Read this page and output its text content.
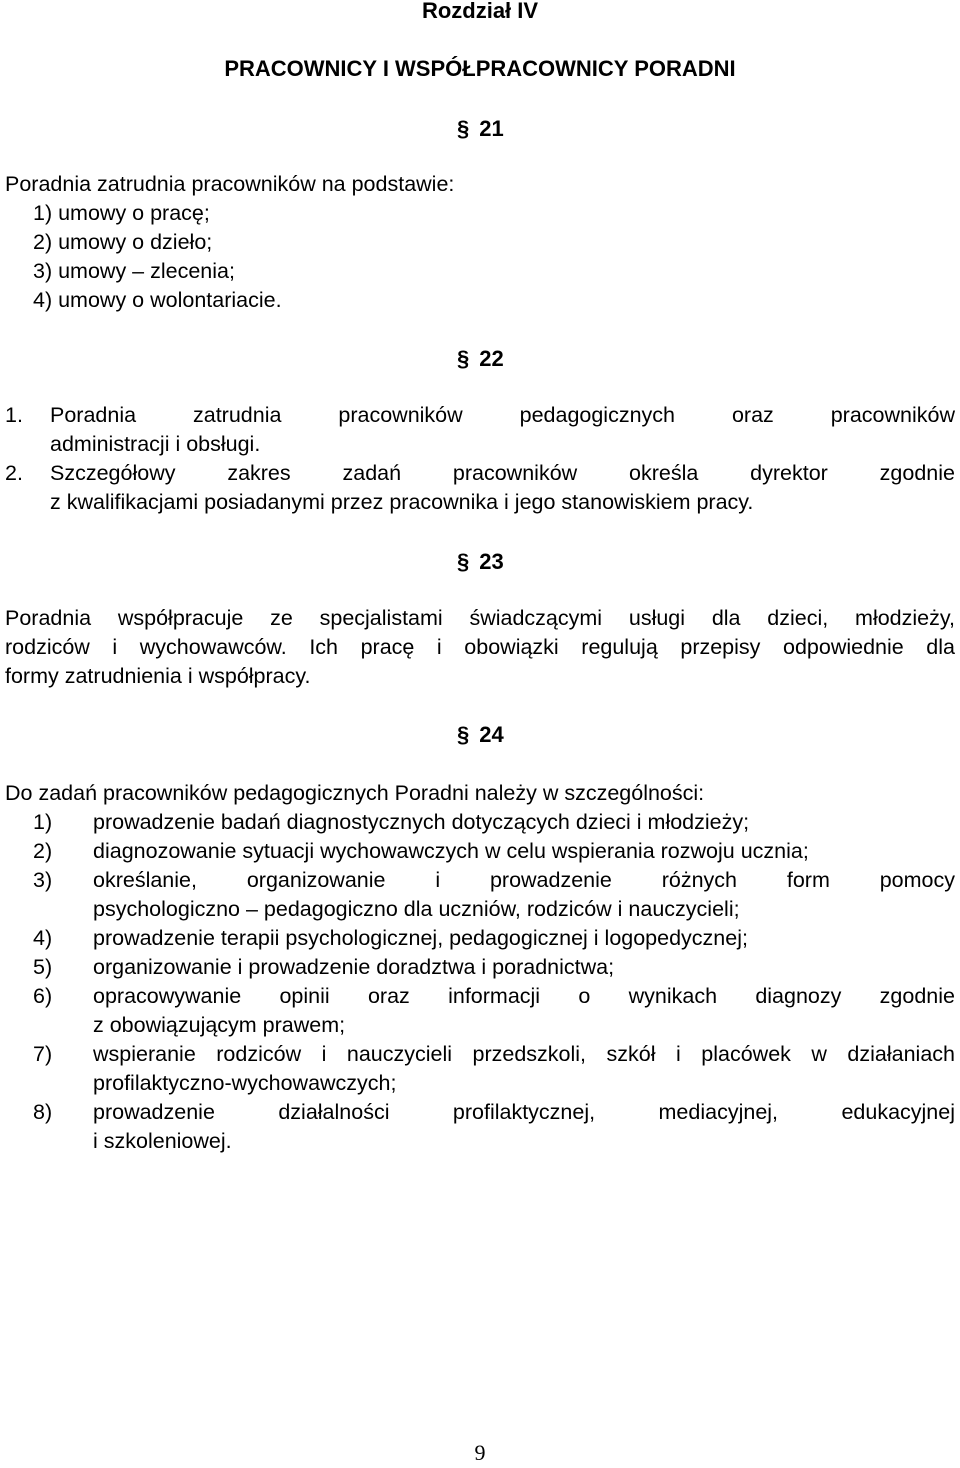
Rozdział IV
PRACOWNICY I WSPÓŁPRACOWNICY PORADNI
§ 21
Poradnia zatrudnia pracowników na podstawie:
1) umowy o pracę;
2) umowy o dzieło;
3) umowy – zlecenia;
4) umowy o wolontariacie.
§ 22
1. Poradnia zatrudnia pracowników pedagogicznych oraz pracowników
administracji i obsługi.
2. Szczegółowy zakres zadań pracowników określa dyrektor zgodnie
z kwalifikacjami posiadanymi przez pracownika i jego stanowiskiem pracy.
§ 23
Poradnia współpracuje ze specjalistami świadczącymi usługi dla dzieci, młodzieży,
rodziców i wychowawców. Ich pracę i obowiązki regulują przepisy odpowiednie dla
formy zatrudnienia i współpracy.
§ 24
Do zadań pracowników pedagogicznych Poradni należy w szczególności:
1) prowadzenie badań diagnostycznych dotyczących dzieci i młodzieży;
2) diagnozowanie sytuacji wychowawczych w celu wspierania rozwoju ucznia;
3) określanie, organizowanie i prowadzenie różnych form pomocy
psychologiczno – pedagogiczno dla uczniów, rodziców i nauczycieli;
4) prowadzenie terapii psychologicznej, pedagogicznej i logopedycznej;
5) organizowanie i prowadzenie doradztwa i poradnictwa;
6) opracowywanie opinii oraz informacji o wynikach diagnozy zgodnie
z obowiązującym prawem;
7) wspieranie rodziców i nauczycieli przedszkoli, szkół i placówek w działaniach
profilaktyczno-wychowawczych;
8) prowadzenie działalności profilaktycznej, mediacyjnej, edukacyjnej
i szkoleniowej.
9
